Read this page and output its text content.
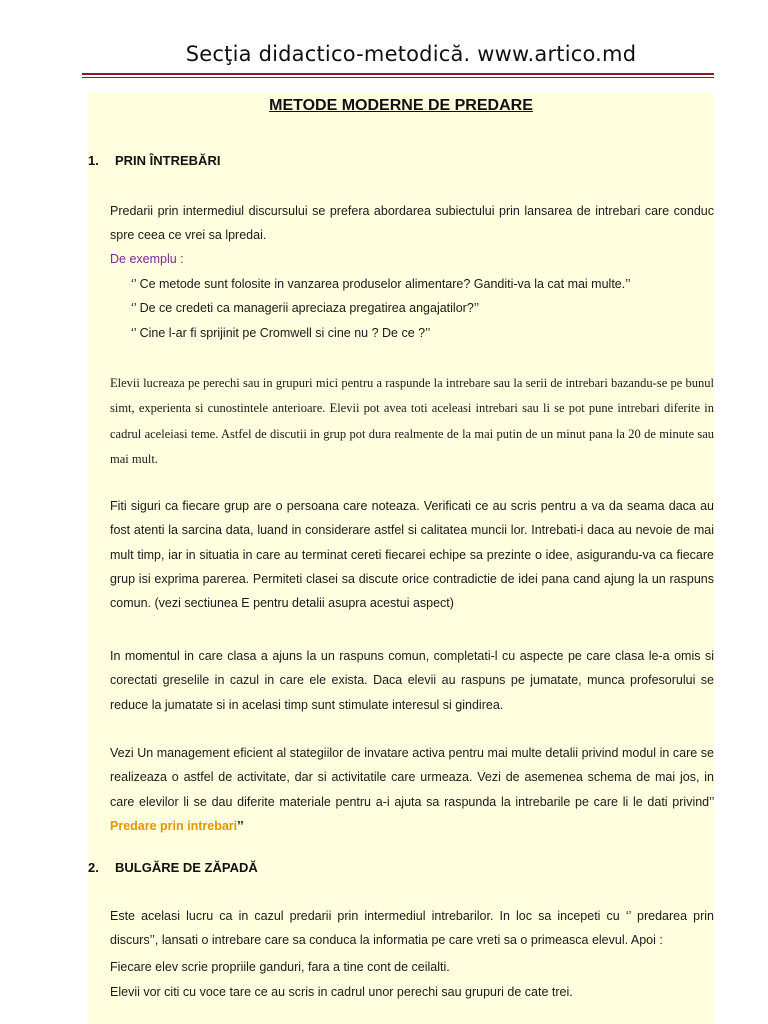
Secţia didactico-metodică. www.artico.md
METODE MODERNE DE PREDARE
1. PRIN ÎNTREBĂRI

Predarii prin intermediul discursului se prefera abordarea subiectului prin lansarea de intrebari care conduc spre ceea ce vrei sa lpredai.

De exemplu :
‘’ Ce metode sunt folosite in vanzarea produselor alimentare? Ganditi-va la cat mai multe.’’
‘’ De ce credeti ca managerii apreciaza pregatirea angajatilor?’’
‘’ Cine l-ar fi sprijinit pe Cromwell si cine nu ? De ce ?’’

Elevii lucreaza pe perechi sau in grupuri mici pentru a raspunde la intrebare sau la serii de intrebari bazandu-se pe bunul simt, experienta si cunostintele anterioare. Elevii pot avea toti aceleasi intrebari sau li se pot pune intrebari diferite in cadrul aceleiasi teme. Astfel de discutii in grup pot dura realmente de la mai putin de un minut pana la 20 de minute sau mai mult.

Fiti siguri ca fiecare grup are o persoana care noteaza. Verificati ce au scris pentru a va da seama daca au fost atenti la sarcina data, luand in considerare astfel si calitatea muncii lor. Intrebati-i daca au nevoie de mai mult timp, iar in situatia in care au terminat cereti fiecarei echipe sa prezinte o idee, asigurandu-va ca fiecare grup isi exprima parerea. Permiteti clasei sa discute orice contradictie de idei pana cand ajung la un raspuns comun. (vezi sectiunea E pentru detalii asupra acestui aspect)

In momentul in care clasa a ajuns la un raspuns comun, completati-l cu aspecte pe care clasa le-a omis si corectati greselile in cazul in care ele exista. Daca elevii au raspuns pe jumatate, munca profesorului se reduce la jumatate si in acelasi timp sunt stimulate interesul si gindirea.

Vezi Un management eficient al stategiilor de invatare activa pentru mai multe detalii privind modul in care se realizeaza o astfel de activitate, dar si activitatile care urmeaza. Vezi de asemenea schema de mai jos, in care elevilor li se dau diferite materiale pentru a-i ajuta sa raspunda la intrebarile pe care li le dati privind’’ Predare prin intrebari’’

2. BULGĂRE DE ZĂPADĂ

Este acelasi lucru ca in cazul predarii prin intermediul intrebarilor. In loc sa incepeti cu ‘’ predarea prin discurs’’, lansati o intrebare care sa conduca la informatia pe care vreti sa o primeasca elevul. Apoi :

Fiecare elev scrie propriile ganduri, fara a tine cont de ceilalti.
Elevii vor citi cu voce tare ce au scris in cadrul unor perechi sau grupuri de cate trei.
